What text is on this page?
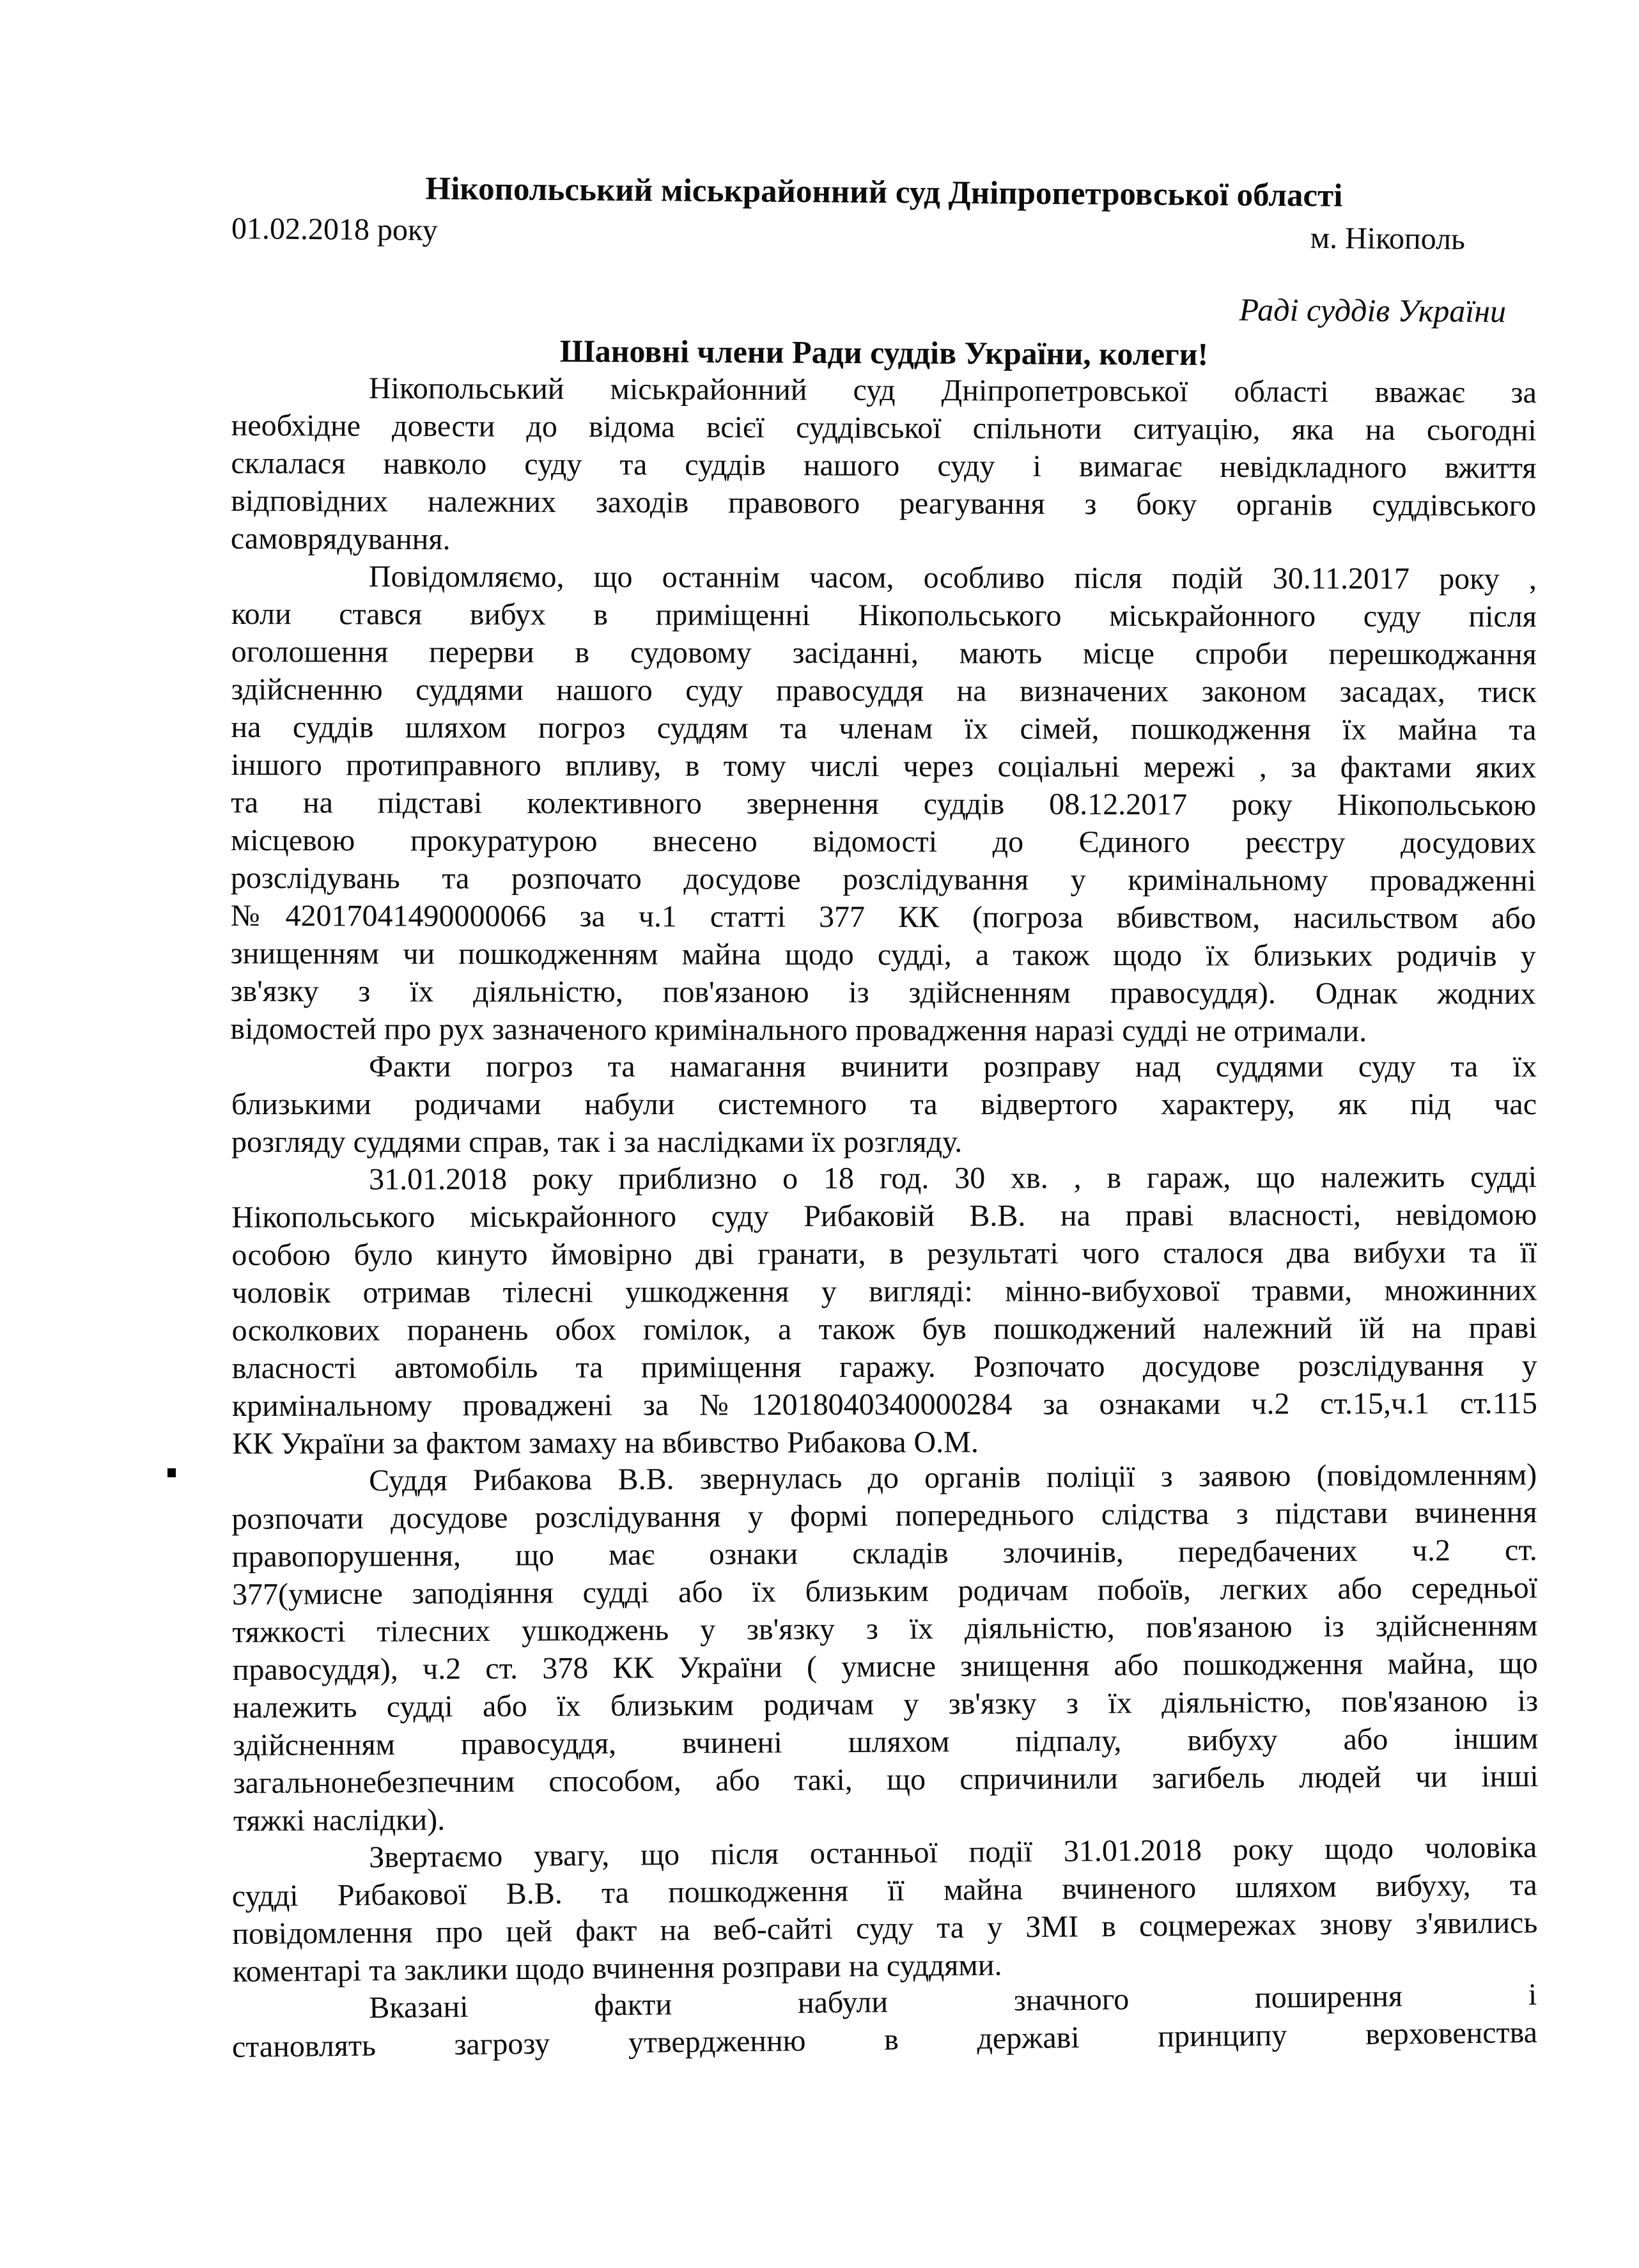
Нікопольський міськрайонний суд Дніпропетровської області
01.02.2018 року	м. Нікополь
Раді суддів України
Шановні члени Ради суддів України, колеги!
Нікопольський міськрайонний суд Дніпропетровської області вважає за
необхідне довести до відома всієї суддівської спільноти ситуацію, яка на сьогодні
склалася навколо суду та суддів нашого суду і вимагає невідкладного вжиття
відповідних належних заходів правового реагування з боку органів суддівського
самоврядування.
Повідомляємо, що останнім часом, особливо після подій 30.11.2017 року ,
коли стався вибух в приміщенні Нікопольського міськрайонного суду після
оголошення перерви в судовому засіданні, мають місце спроби перешкоджання
здійсненню суддями нашого суду правосуддя на визначених законом засадах, тиск
на суддів шляхом погроз суддям та членам їх сімей, пошкодження їх майна та
іншого протиправного впливу, в тому числі через соціальні мережі , за фактами яких
та на підставі колективного звернення суддів 08.12.2017 року Нікопольською
місцевою прокуратурою внесено відомості до Єдиного реєстру досудових
розслідувань та розпочато досудове розслідування у кримінальному провадженні
№42017041490000066 за ч.1 статті 377 КК (погроза вбивством, насильством або
знищенням чи пошкодженням майна щодо судді, а також щодо їх близьких родичів у
зв'язку з їх діяльністю, пов'язаною із здійсненням правосуддя). Однак жодних
відомостей про рух зазначеного кримінального провадження наразі судді не отримали.
Факти погроз та намагання вчинити розправу над суддями суду та їх
близькими родичами набули системного та відвертого характеру, як під час
розгляду суддями справ, так і за наслідками їх розгляду.
31.01.2018 року приблизно о 18 год. 30 хв. , в гараж, що належить судді
Нікопольського міськрайонного суду Рибаковій В.В. на праві власності, невідомою
особою було кинуто ймовірно дві гранати, в результаті чого сталося два вибухи та її
чоловік отримав тілесні ушкодження у вигляді: мінно-вибухової травми, множинних
осколкових поранень обох гомілок, а також був пошкоджений належний їй на праві
власності автомобіль та приміщення гаражу. Розпочато досудове розслідування у
кримінальному проваджені за №12018040340000284 за ознаками ч.2 ст.15,ч.1 ст.115
КК України за фактом замаху на вбивство Рибакова О.М.
Суддя Рибакова В.В. звернулась до органів поліції з заявою (повідомленням)
розпочати досудове розслідування у формі попереднього слідства з підстави вчинення
правопорушення, що має ознаки складів злочинів, передбачених ч.2 ст.
377(умисне заподіяння судді або їх близьким родичам побоїв, легких або середньої
тяжкості тілесних ушкоджень у зв'язку з їх діяльністю, пов'язаною із здійсненням
правосуддя), ч.2 ст. 378 КК України ( умисне знищення або пошкодження майна, що
належить судді або їх близьким родичам у зв'язку з їх діяльністю, пов'язаною із
здійсненням правосуддя, вчинені шляхом підпалу, вибуху або іншим
загальнонебезпечним способом, або такі, що спричинили загибель людей чи інші
тяжкі наслідки).
Звертаємо увагу, що після останньої події 31.01.2018 року щодо чоловіка
судді Рибакової В.В. та пошкодження її майна вчиненого шляхом вибуху, та
повідомлення про цей факт на веб-сайті суду та у ЗМІ в соцмережах знову з'явились
коментарі та заклики щодо вчинення розправи на суддями.
Вказані факти набули значного поширення і
становлять загрозу утвердженню в державі принципу верховенства
